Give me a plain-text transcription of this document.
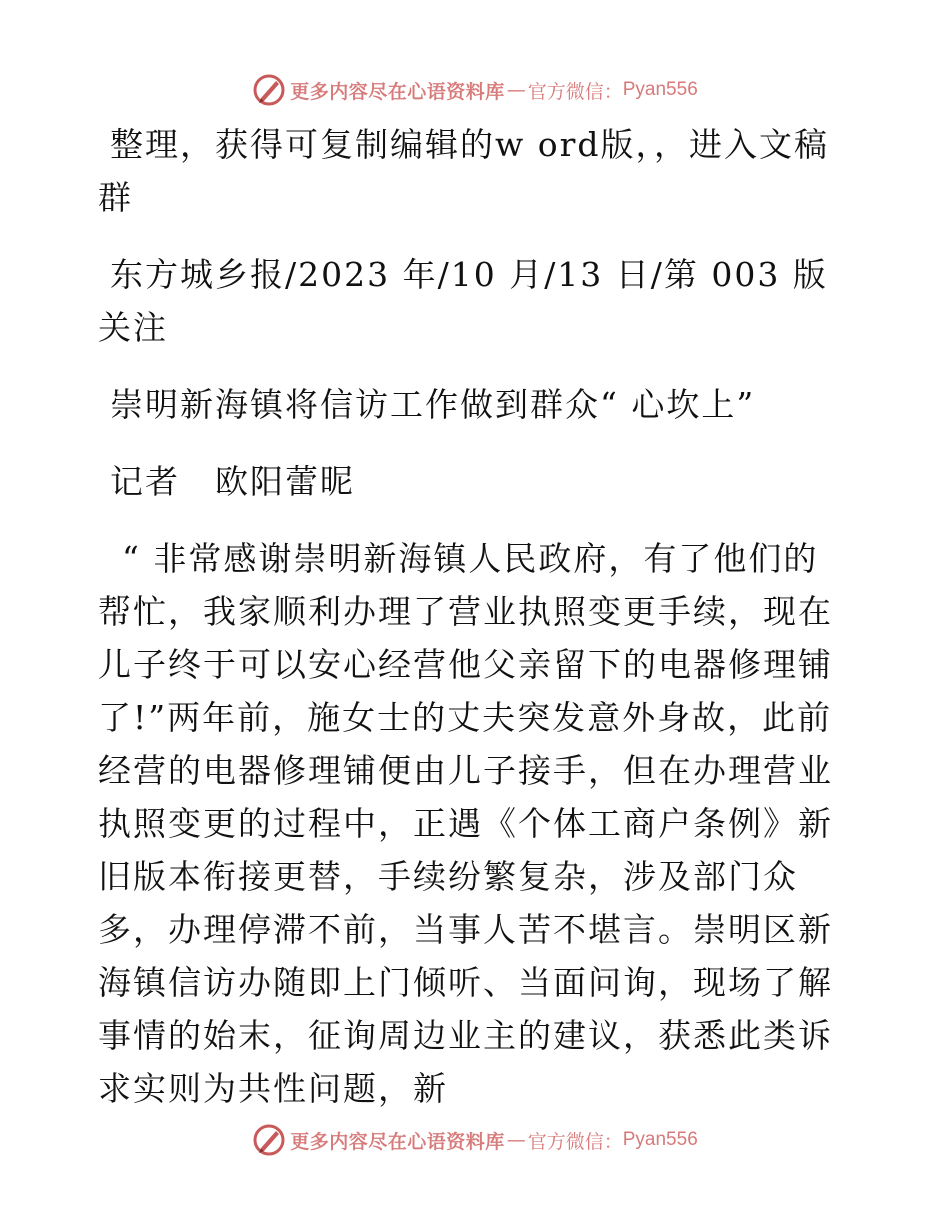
更多内容尽在心语资料库 — 官方微信： Pyan556

整理，获得可复制编辑的w ord版，，进入文稿群

东方城乡报/2023 年/10 月/13 日/第 003 版关注

崇明新海镇将信访工作做到群众“ 心坎上”

记者　欧阳蕾昵

“ 非常感谢崇明新海镇人民政府，有了他们的帮忙，我家顺利办理了营业执照变更手续，现在儿子终于可以安心经营他父亲留下的电器修理铺了!”两年前，施女士的丈夫突发意外身故，此前经营的电器修理铺便由儿子接手，但在办理营业执照变更的过程中，正遇《个体工商户条例》新旧版本衔接更替，手续纷繁复杂，涉及部门众多，办理停滞不前，当事人苦不堪言。崇明区新海镇信访办随即上门倾听、当面问询，现场了解事情的始末，征询周边业主的建议，获悉此类诉求实则为共性问题，新

更多内容尽在心语资料库 — 官方微信： Pyan556
